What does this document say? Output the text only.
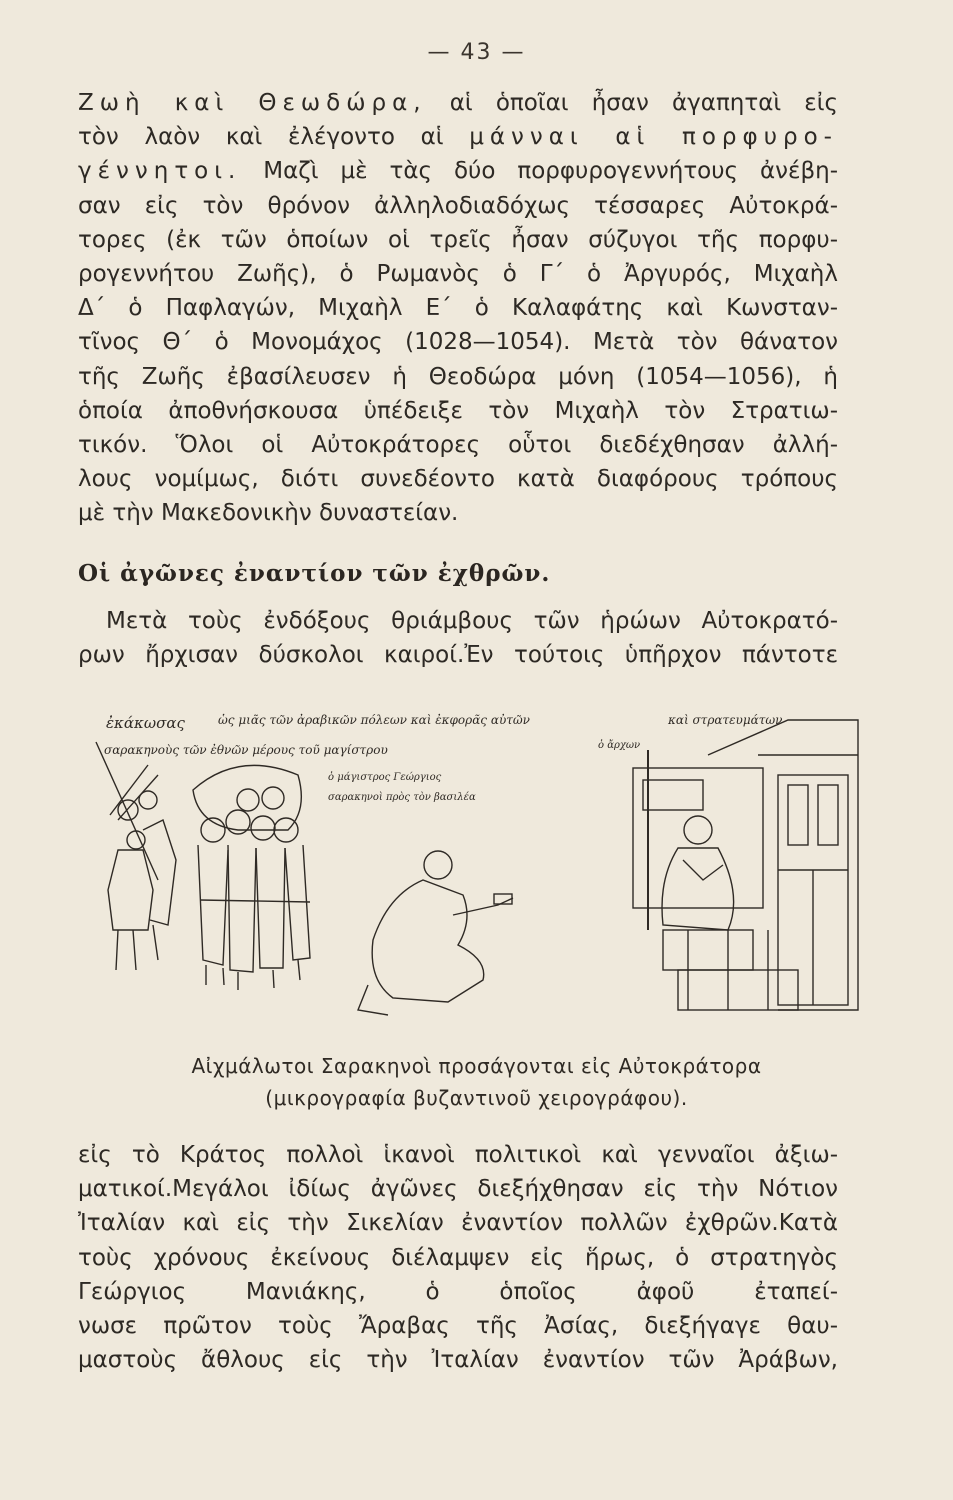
— 43 —
Ζωὴ καὶ Θεωδώρα, αἱ ὁποῖαι ἦσαν ἀγαπηταὶ εἰς
τὸν λαὸν καὶ ἐλέγοντο αἱ μάνναι αἱ πορφυρο-
γέννητοι. Μαζὶ μὲ τὰς δύο πορφυρογεννήτους ἀνέβη-
σαν εἰς τὸν θρόνον ἀλληλοδιαδόχως τέσσαρες Αὐτοκρά-
τορες (ἐκ τῶν ὁποίων οἱ τρεῖς ἦσαν σύζυγοι τῆς πορφυ-
ρογεννήτου Ζωῆς), ὁ Ρωμανὸς ὁ Γ΄ ὁ Ἀργυρός, Μιχαὴλ
Δ΄ ὁ Παφλαγών, Μιχαὴλ Ε΄ ὁ Καλαφάτης καὶ Κωνσταν-
τῖνος Θ΄ ὁ Μονομάχος (1028—1054). Μετὰ τὸν θάνατον
τῆς Ζωῆς ἐβασίλευσεν ἡ Θεοδώρα μόνη (1054—1056), ἡ
ὁποία ἀποθνήσκουσα ὑπέδειξε τὸν Μιχαὴλ τὸν Στρατιω-
τικόν. Ὅλοι οἱ Αὐτοκράτορες οὗτοι διεδέχθησαν ἀλλή-
λους νομίμως, διότι συνεδέοντο κατὰ διαφόρους τρόπους
μὲ τὴν Μακεδονικὴν δυναστείαν.
Οἱ ἀγῶνες ἐναντίον τῶν ἐχθρῶν.
Μετὰ τοὺς ἐνδόξους θριάμβους τῶν ἡρώων Αὐτοκρατό-
ρων ἤρχισαν δύσκολοι καιροί.Ἐν τούτοις ὑπῆρχον πάντοτε
ἐκάκωσας	ὡς μιᾶς τῶν ἀραβικῶν πόλεων καὶ ἐκφορᾶς αὐτῶν	καὶ στρατευμάτων
σαρακηνοὺς τῶν ἐθνῶν μέρους τοῦ μαγίστρου	ὁ ἄρχων
ὁ μάγιστρος Γεώργιος
σαρακηνοὶ πρὸς τὸν βασιλέα
Αἰχμάλωτοι Σαρακηνοὶ προσάγονται εἰς Αὐτοκράτορα
(μικρογραφία βυζαντινοῦ χειρογράφου).
εἰς τὸ Κράτος πολλοὶ ἱκανοὶ πολιτικοὶ καὶ γενναῖοι ἀξιω-
ματικοί.Μεγάλοι ἰδίως ἀγῶνες διεξήχθησαν εἰς τὴν Νότιον
Ἰταλίαν καὶ εἰς τὴν Σικελίαν ἐναντίον πολλῶν ἐχθρῶν.Κατὰ
τοὺς χρόνους ἐκείνους διέλαμψεν εἰς ἥρως, ὁ στρατηγὸς
Γεώργιος Μανιάκης, ὁ ὁποῖος ἀφοῦ ἐταπεί-
νωσε πρῶτον τοὺς Ἄραβας τῆς Ἀσίας, διεξήγαγε θαυ-
μαστοὺς ἄθλους εἰς τὴν Ἰταλίαν ἐναντίον τῶν Ἀράβων,
